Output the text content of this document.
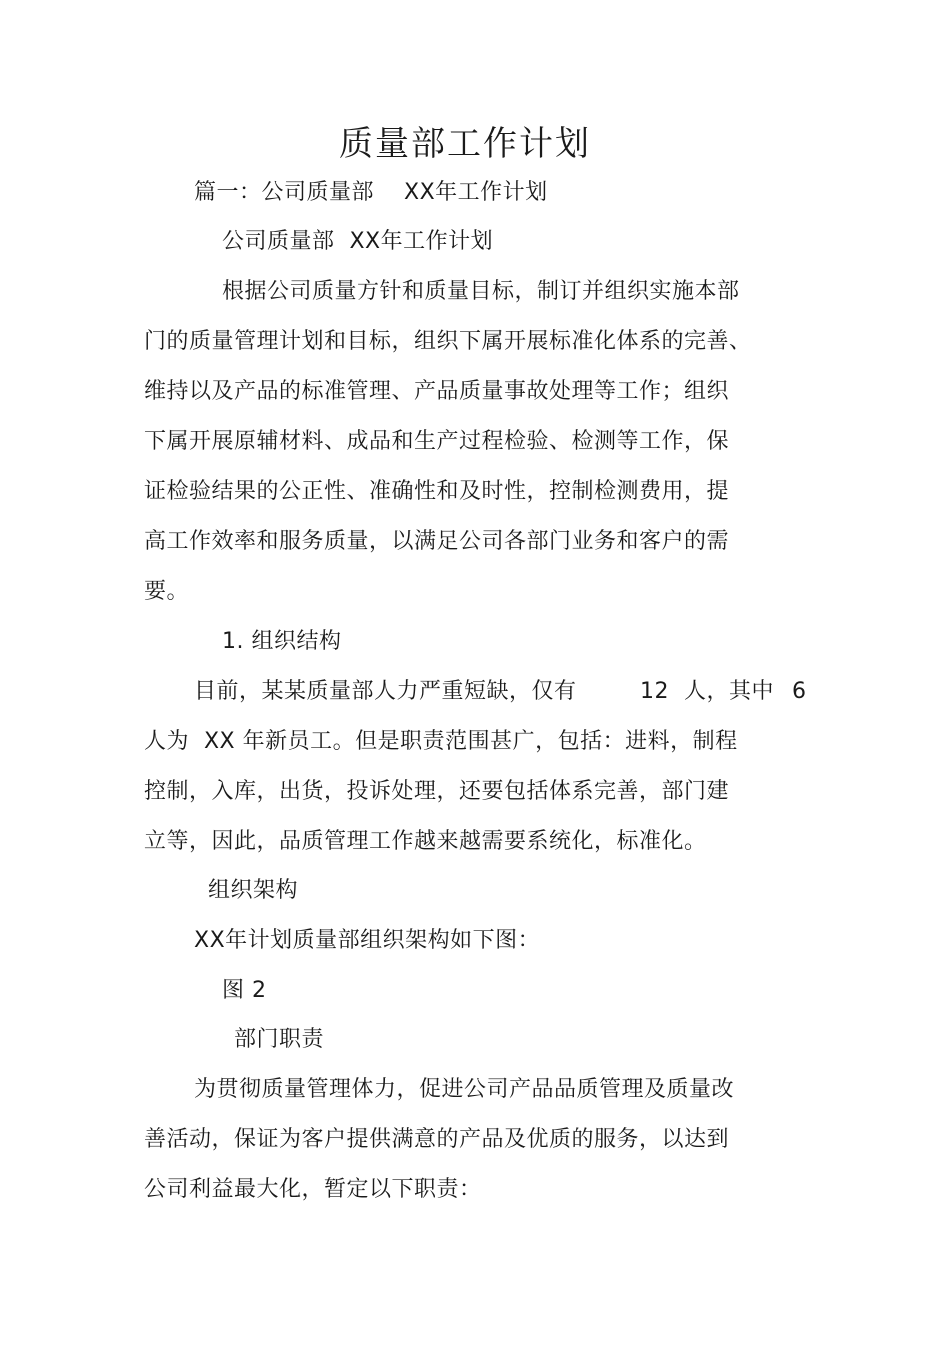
质量部工作计划
篇一：公司质量部 XX年工作计划
公司质量部  XX年工作计划
根据公司质量方针和质量目标，制订并组织实施本部
门的质量管理计划和目标，组织下属开展标准化体系的完善、
维持以及产品的标准管理、产品质量事故处理等工作；组织
下属开展原辅材料、成品和生产过程检验、检测等工作，保
证检验结果的公正性、准确性和及时性，控制检测费用，提
高工作效率和服务质量，以满足公司各部门业务和客户的需
要。
1. 组织结构
目前，某某质量部人力严重短缺，仅有	12  人，其中 6
人为  XX 年新员工。但是职责范围甚广，包括：进料，制程
控制，入库，出货，投诉处理，还要包括体系完善，部门建
立等，因此，品质管理工作越来越需要系统化，标准化。
组织架构
XX年计划质量部组织架构如下图：
图 2
部门职责
为贯彻质量管理体力，促进公司产品品质管理及质量改
善活动，保证为客户提供满意的产品及优质的服务，以达到
公司利益最大化，暂定以下职责：
